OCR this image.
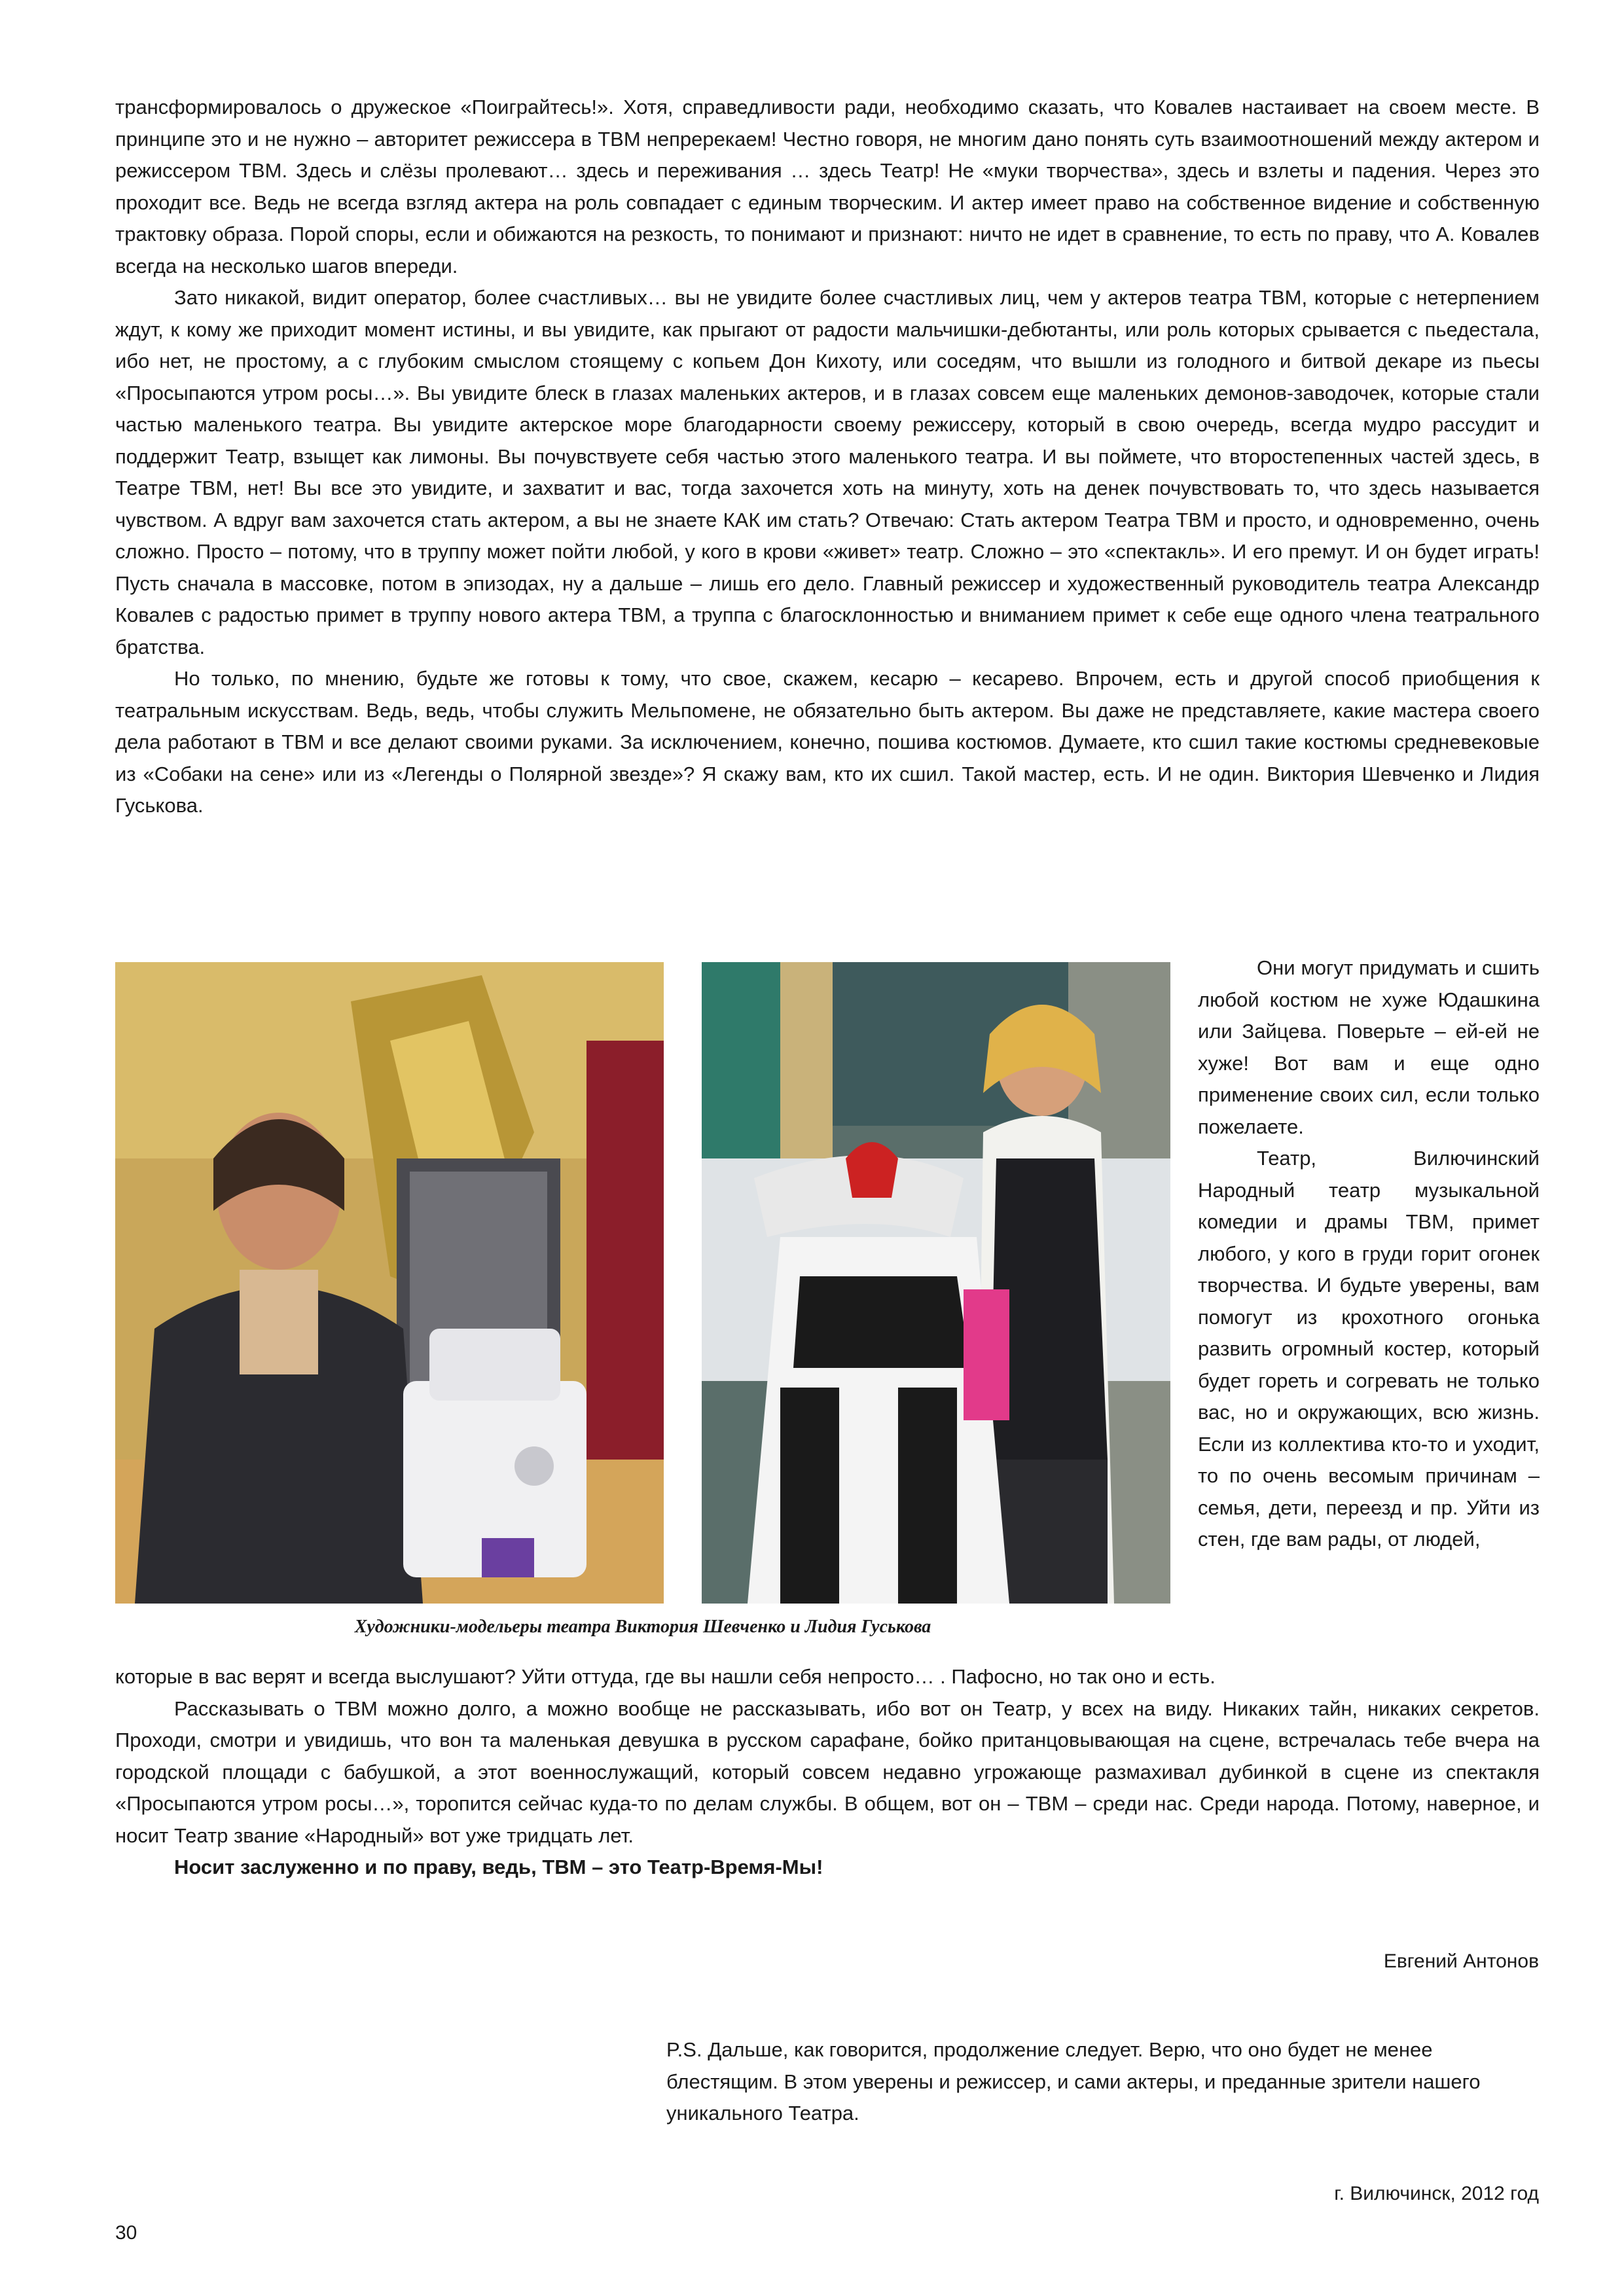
трансформировалось о дружеское «Поиграйтесь!». Хотя, справедливости ради, необходимо сказать, что Ковалев настаивает на своем месте. В принципе это и не нужно – авторитет режиссера в ТВМ непререкаем! Честно говоря, не многим дано понять суть взаимоотношений между актером и режиссером ТВМ. Здесь и слёзы пролевают… здесь и переживания … здесь Театр! Не «муки творчества», здесь и взлеты и падения. Через это проходит все. Ведь не всегда взгляд актера на роль совпадает с единым творческим. И актер имеет право на собственное видение и собственную трактовку образа. Порой споры, если и обижаются на резкость, то понимают и признают: ничто не идет в сравнение, то есть по праву, что А. Ковалев всегда на несколько шагов впереди.

Зато никакой, видит оператор, более счастливых… вы не увидите более счастливых лиц, чем у актеров театра ТВМ, которые с нетерпением ждут, к кому же приходит момент истины, и вы увидите, как прыгают от радости мальчишки-дебютанты, или роль которых срывается с пьедестала, ибо нет, не простому, а с глубоким смыслом стоящему с копьем Дон Кихоту, или соседям, что вышли из голодного и битвой декаре из пьесы «Просыпаются утром росы…». Вы увидите блеск в глазах маленьких актеров, и в глазах совсем еще маленьких демонов-заводочек, которые стали частью маленького театра. Вы увидите актерское море благодарности своему режиссеру, который в свою очередь, всегда мудро рассудит и поддержит Театр, взыщет как лимоны. Вы почувствуете себя частью этого маленького театра. И вы поймете, что второстепенных частей здесь, в Театре ТВМ, нет! Вы все это увидите, и захватит и вас, тогда захочется хоть на минуту, хоть на денек почувствовать то, что здесь называется чувством. А вдруг вам захочется стать актером, а вы не знаете КАК им стать? Отвечаю: Стать актером Театра ТВМ и просто, и одновременно, очень сложно. Просто – потому, что в труппу может пойти любой, у кого в крови «живет» театр. Сложно – это «спектакль». И его премут. И он будет играть! Пусть сначала в массовке, потом в эпизодах, ну а дальше – лишь его дело. Главный режиссер и художественный руководитель театра Александр Ковалев с радостью примет в труппу нового актера ТВМ, а труппа с благосклонностью и вниманием примет к себе еще одного члена театрального братства.

Но только, по мнению, будьте же готовы к тому, что свое, скажем, кесарю – кесарево. Впрочем, есть и другой способ приобщения к театральным искусствам. Ведь, ведь, чтобы служить Мельпомене, не обязательно быть актером. Вы даже не представляете, какие мастера своего дела работают в ТВМ и все делают своими руками. За исключением, конечно, пошива костюмов. Думаете, кто сшил такие костюмы средневековые из «Собаки на сене» или из «Легенды о Полярной звезде»? Я скажу вам, кто их сшил. Такой мастер, есть. И не один. Виктория Шевченко и Лидия Гуськова.

Художники-модельеры театра Виктория Шевченко и Лидия Гуськова

Они могут придумать и сшить любой костюм не хуже Юдашкина или Зайцева. Поверьте – ей-ей не хуже! Вот вам и еще одно применение своих сил, если только пожелаете.

Театр, Вилючинский Народный театр музыкальной комедии и драмы ТВМ, примет любого, у кого в груди горит огонек творчества. И будьте уверены, вам помогут из крохотного огонька развить огромный костер, который будет гореть и согревать не только вас, но и окружающих, всю жизнь. Если из коллектива кто-то и уходит, то по очень весомым причинам – семья, дети, переезд и пр. Уйти из стен, где вам рады, от людей,

которые в вас верят и всегда выслушают? Уйти оттуда, где вы нашли себя непросто… . Пафосно, но так оно и есть.

Рассказывать о ТВМ можно долго, а можно вообще не рассказывать, ибо вот он Театр, у всех на виду. Никаких тайн, никаких секретов. Проходи, смотри и увидишь, что вон та маленькая девушка в русском сарафане, бойко пританцовывающая на сцене, встречалась тебе вчера на городской площади с бабушкой, а этот военнослужащий, который совсем недавно угрожающе размахивал дубинкой в сцене из спектакля «Просыпаются утром росы…», торопится сейчас куда-то по делам службы. В общем, вот он – ТВМ – среди нас. Среди народа. Потому, наверное, и носит Театр звание «Народный» вот уже тридцать лет.

Носит заслуженно и по праву, ведь, ТВМ – это Театр-Время-Мы!

Евгений Антонов

P.S. Дальше, как говорится, продолжение следует. Верю, что оно будет не менее блестящим. В этом уверены и режиссер, и сами актеры, и преданные зрители нашего уникального Театра.

г. Вилючинск, 2012 год
30
